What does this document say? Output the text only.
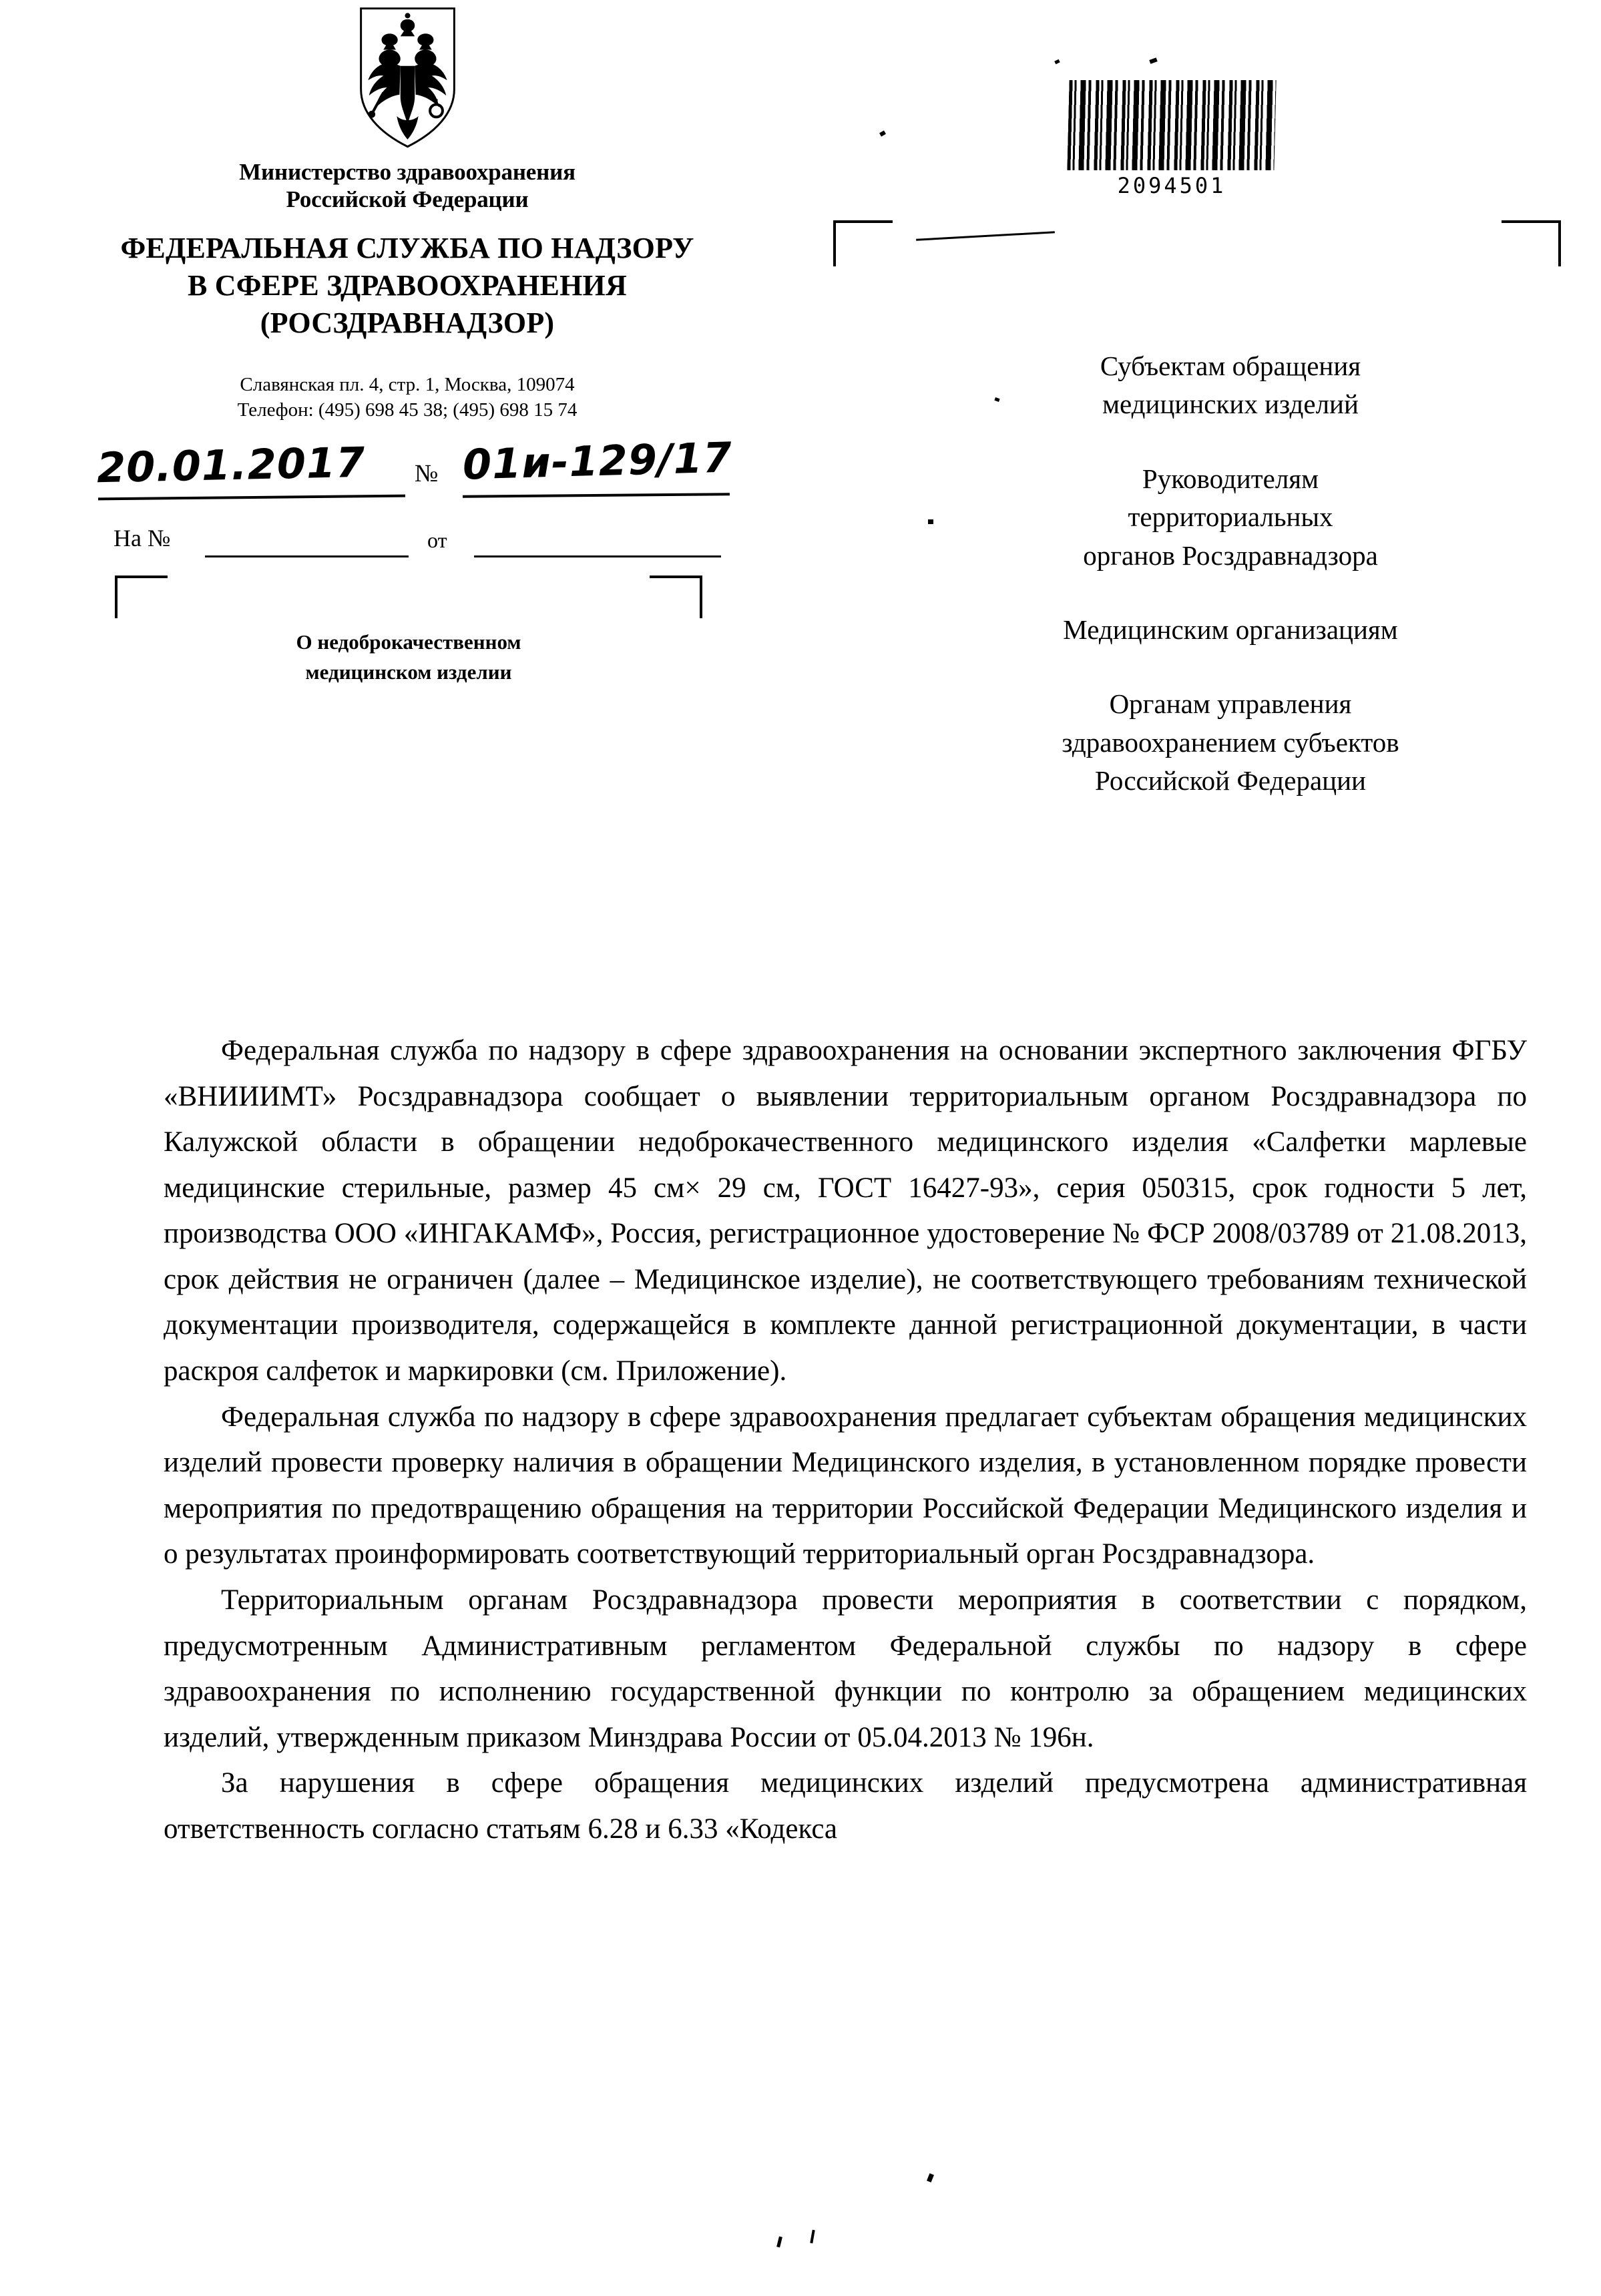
Министерство здравоохранения
Российской Федерации
ФЕДЕРАЛЬНАЯ СЛУЖБА ПО НАДЗОРУ
В СФЕРЕ ЗДРАВООХРАНЕНИЯ
(РОСЗДРАВНАДЗОР)
Славянская пл. 4, стр. 1, Москва, 109074
Телефон: (495) 698 45 38; (495) 698 15 74
2094501
20.01.2017 № 01и-129/17
На №	от
О недоброкачественном
медицинском изделии
Субъектам обращения
медицинских изделий
Руководителям
территориальных
органов Росздравнадзора
Медицинским организациям
Органам управления
здравоохранением субъектов
Российской Федерации

Федеральная служба по надзору в сфере здравоохранения на основании экспертного заключения ФГБУ «ВНИИИМТ» Росздравнадзора сообщает о выявлении территориальным органом Росздравнадзора по Калужской области в обращении недоброкачественного медицинского изделия «Салфетки марлевые медицинские стерильные, размер 45 см× 29 см, ГОСТ 16427-93», серия 050315, срок годности 5 лет, производства ООО «ИНГАКАМФ», Россия, регистрационное удостоверение № ФСР 2008/03789 от 21.08.2013, срок действия не ограничен (далее – Медицинское изделие), не соответствующего требованиям технической документации производителя, содержащейся в комплекте данной регистрационной документации, в части раскроя салфеток и маркировки (см. Приложение).

Федеральная служба по надзору в сфере здравоохранения предлагает субъектам обращения медицинских изделий провести проверку наличия в обращении Медицинского изделия, в установленном порядке провести мероприятия по предотвращению обращения на территории Российской Федерации Медицинского изделия и о результатах проинформировать соответствующий территориальный орган Росздравнадзора.

Территориальным органам Росздравнадзора провести мероприятия в соответствии с порядком, предусмотренным Административным регламентом Федеральной службы по надзору в сфере здравоохранения по исполнению государственной функции по контролю за обращением медицинских изделий, утвержденным приказом Минздрава России от 05.04.2013 № 196н.

За нарушения в сфере обращения медицинских изделий предусмотрена административная ответственность согласно статьям 6.28 и 6.33 «Кодекса
